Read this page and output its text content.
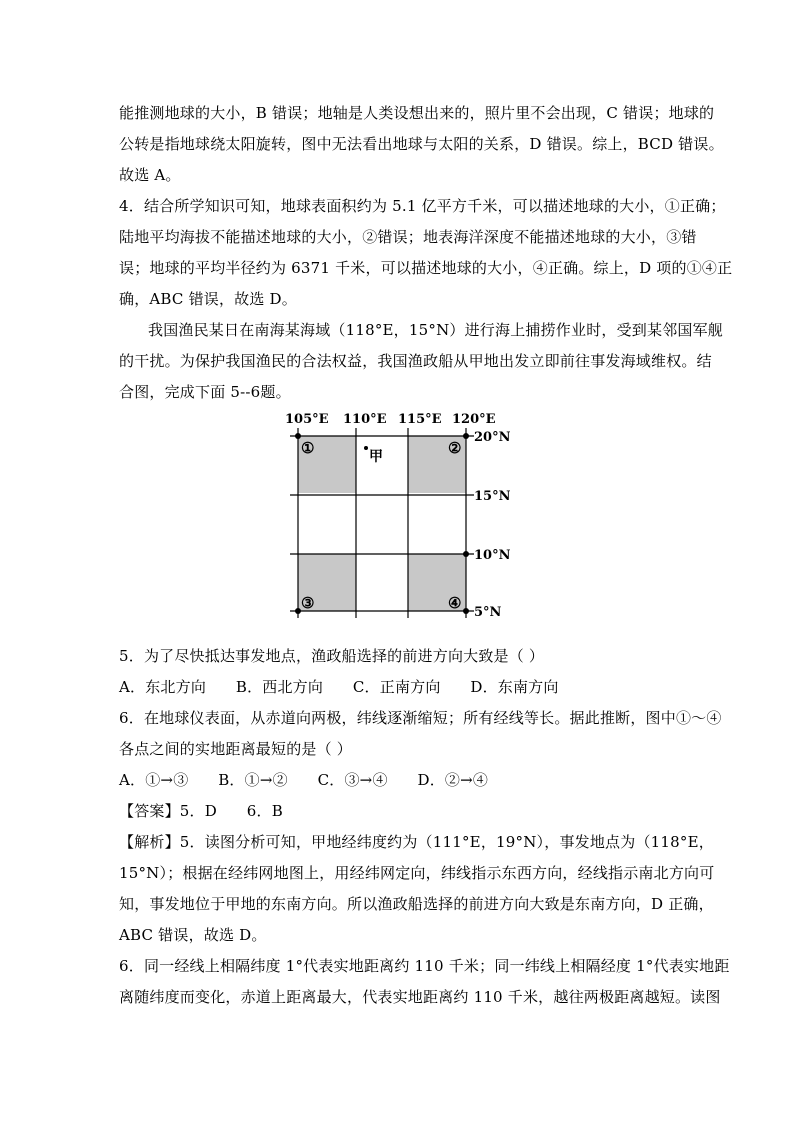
能推测地球的大小，B 错误；地轴是人类设想出来的，照片里不会出现，C 错误；地球的
公转是指地球绕太阳旋转，图中无法看出地球与太阳的关系，D 错误。综上，BCD 错误。
故选 A。
4．结合所学知识可知，地球表面积约为 5.1 亿平方千米，可以描述地球的大小，①正确；
陆地平均海拔不能描述地球的大小，②错误；地表海洋深度不能描述地球的大小，③错
误；地球的平均半径约为 6371 千米，可以描述地球的大小，④正确。综上，D 项的①④正
确，ABC 错误，故选 D。
我国渔民某日在南海某海域（118°E，15°N）进行海上捕捞作业时，受到某邻国军舰
的干扰。为保护我国渔民的合法权益，我国渔政船从甲地出发立即前往事发海域维权。结
合图，完成下面 5--6题。
105°E 110°E 115°E 120°E
20°N
15°N
10°N
5°N
①	②
③	④
甲
5．为了尽快抵达事发地点，渔政船选择的前进方向大致是（ ）
A．东北方向      B．西北方向      C．正南方向      D．东南方向
6．在地球仪表面，从赤道向两极，纬线逐渐缩短；所有经线等长。据此推断，图中①～④
各点之间的实地距离最短的是（ ）
A．①→③      B．①→②      C．③→④      D．②→④
【答案】5．D      6．B
【解析】5．读图分析可知，甲地经纬度约为（111°E，19°N），事发地点为（118°E，
15°N）；根据在经纬网地图上，用经纬网定向，纬线指示东西方向，经线指示南北方向可
知，事发地位于甲地的东南方向。所以渔政船选择的前进方向大致是东南方向，D 正确，
ABC 错误，故选 D。
6．同一经线上相隔纬度 1°代表实地距离约 110 千米；同一纬线上相隔经度 1°代表实地距
离随纬度而变化，赤道上距离最大，代表实地距离约 110 千米，越往两极距离越短。读图
